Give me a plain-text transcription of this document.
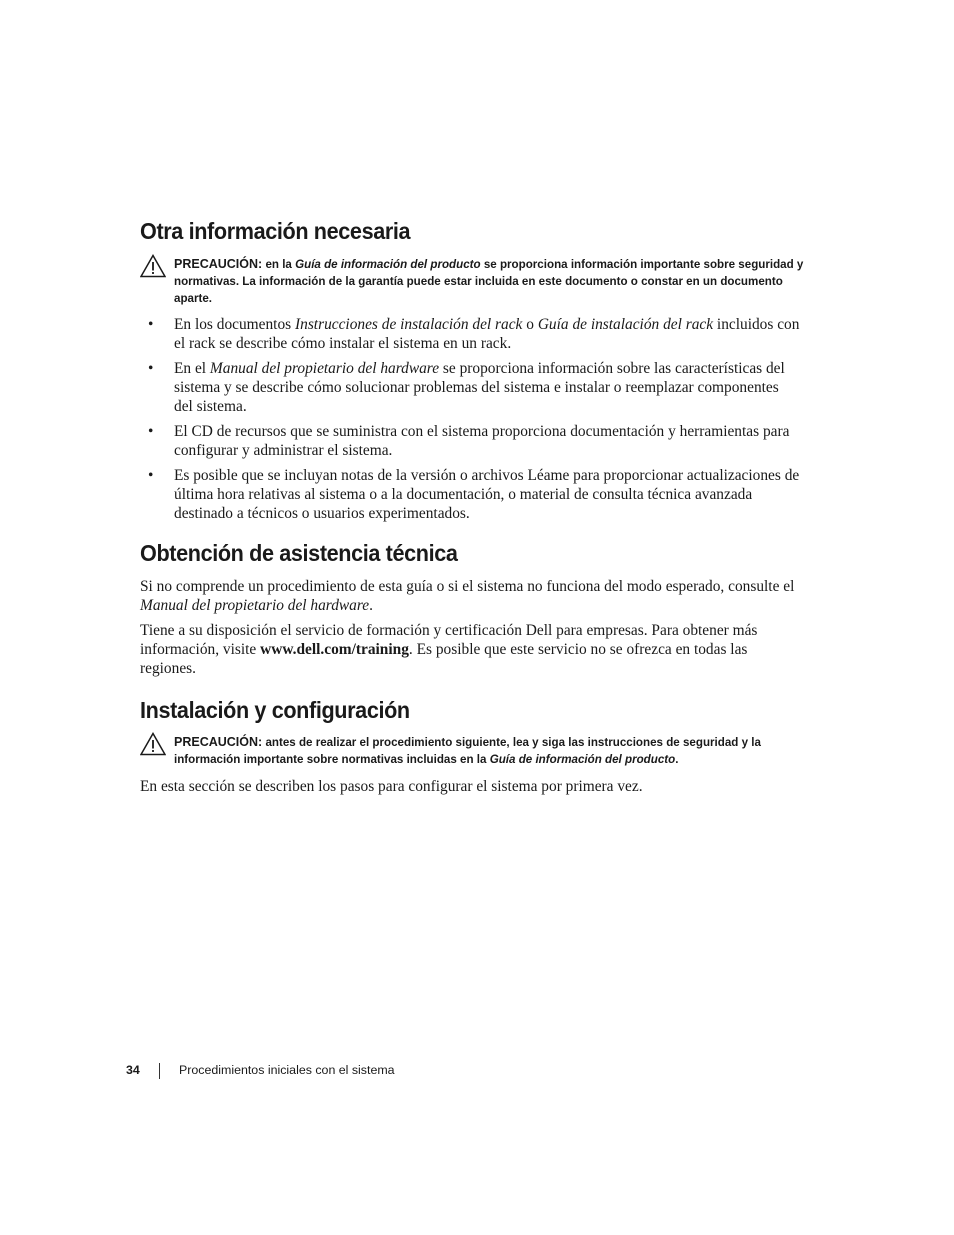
Otra información necesaria
PRECAUCIÓN: en la Guía de información del producto se proporciona información importante sobre seguridad y normativas. La información de la garantía puede estar incluida en este documento o constar en un documento aparte.
• En los documentos Instrucciones de instalación del rack o Guía de instalación del rack incluidos con el rack se describe cómo instalar el sistema en un rack.
• En el Manual del propietario del hardware se proporciona información sobre las características del sistema y se describe cómo solucionar problemas del sistema e instalar o reemplazar componentes del sistema.
• El CD de recursos que se suministra con el sistema proporciona documentación y herramientas para configurar y administrar el sistema.
• Es posible que se incluyan notas de la versión o archivos Léame para proporcionar actualizaciones de última hora relativas al sistema o a la documentación, o material de consulta técnica avanzada destinado a técnicos o usuarios experimentados.
Obtención de asistencia técnica

Si no comprende un procedimiento de esta guía o si el sistema no funciona del modo esperado, consulte el Manual del propietario del hardware.

Tiene a su disposición el servicio de formación y certificación Dell para empresas. Para obtener más información, visite www.dell.com/training. Es posible que este servicio no se ofrezca en todas las regiones.

Instalación y configuración
PRECAUCIÓN: antes de realizar el procedimiento siguiente, lea y siga las instrucciones de seguridad y la información importante sobre normativas incluidas en la Guía de información del producto.

En esta sección se describen los pasos para configurar el sistema por primera vez.

34	Procedimientos iniciales con el sistema
